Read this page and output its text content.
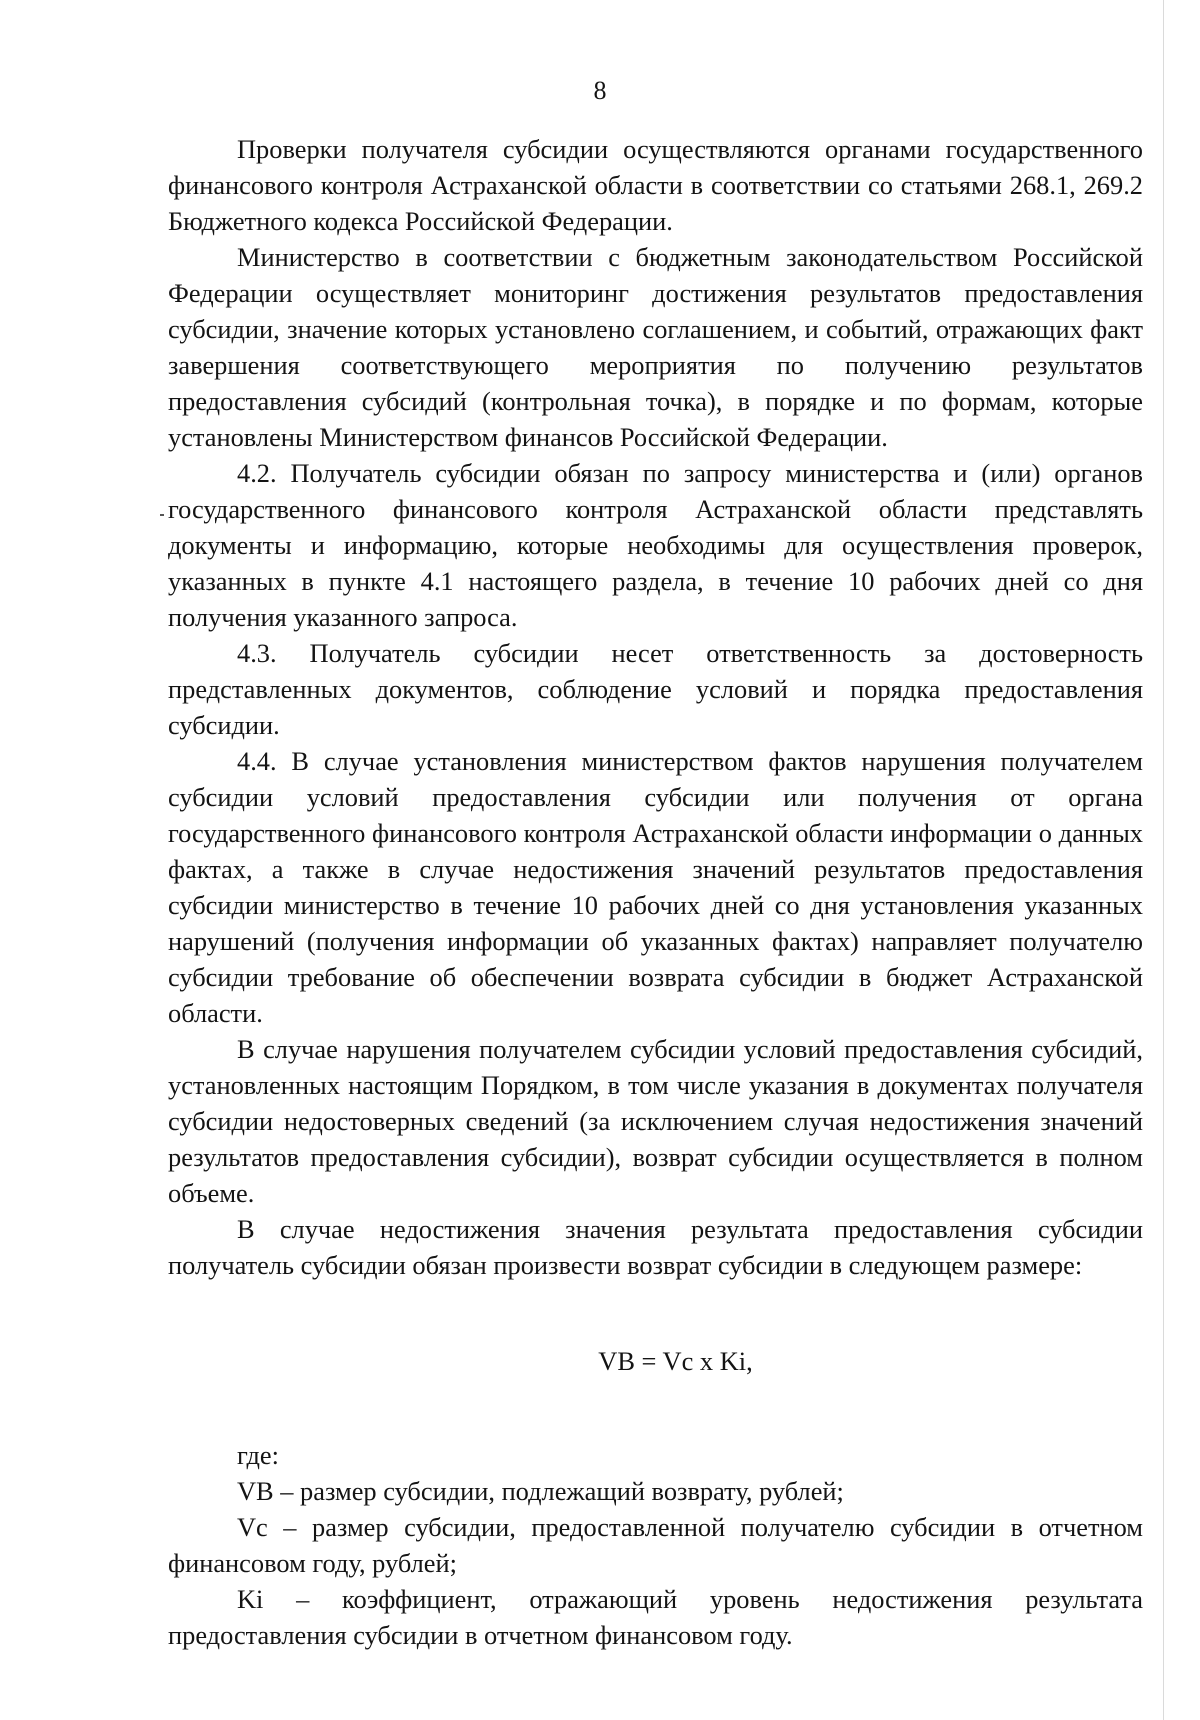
8

Проверки получателя субсидии осуществляются органами государственного финансового контроля Астраханской области в соответствии со статьями 268.1, 269.2 Бюджетного кодекса Российской Федерации.

Министерство в соответствии с бюджетным законодательством Российской Федерации осуществляет мониторинг достижения результатов предоставления субсидии, значение которых установлено соглашением, и событий, отражающих факт завершения соответствующего мероприятия по получению результатов предоставления субсидий (контрольная точка), в порядке и по формам, которые установлены Министерством финансов Российской Федерации.

4.2. Получатель субсидии обязан по запросу министерства и (или) органов государственного финансового контроля Астраханской области представлять документы и информацию, которые необходимы для осуществления проверок, указанных в пункте 4.1 настоящего раздела, в течение 10 рабочих дней со дня получения указанного запроса.

4.3. Получатель субсидии несет ответственность за достоверность представленных документов, соблюдение условий и порядка предоставления субсидии.

4.4. В случае установления министерством фактов нарушения получателем субсидии условий предоставления субсидии или получения от органа государственного финансового контроля Астраханской области информации о данных фактах, а также в случае недостижения значений результатов предоставления субсидии министерство в течение 10 рабочих дней со дня установления указанных нарушений (получения информации об указанных фактах) направляет получателю субсидии требование об обеспечении возврата субсидии в бюджет Астраханской области.

В случае нарушения получателем субсидии условий предоставления субсидий, установленных настоящим Порядком, в том числе указания в документах получателя субсидии недостоверных сведений (за исключением случая недостижения значений результатов предоставления субсидии), возврат субсидии осуществляется в полном объеме.

В случае недостижения значения результата предоставления субсидии получатель субсидии обязан произвести возврат субсидии в следующем размере:

VB = Vc x Ki,

где:

VB – размер субсидии, подлежащий возврату, рублей;

Vc – размер субсидии, предоставленной получателю субсидии в отчетном финансовом году, рублей;

Ki – коэффициент, отражающий уровень недостижения результата предоставления субсидии в отчетном финансовом году.
